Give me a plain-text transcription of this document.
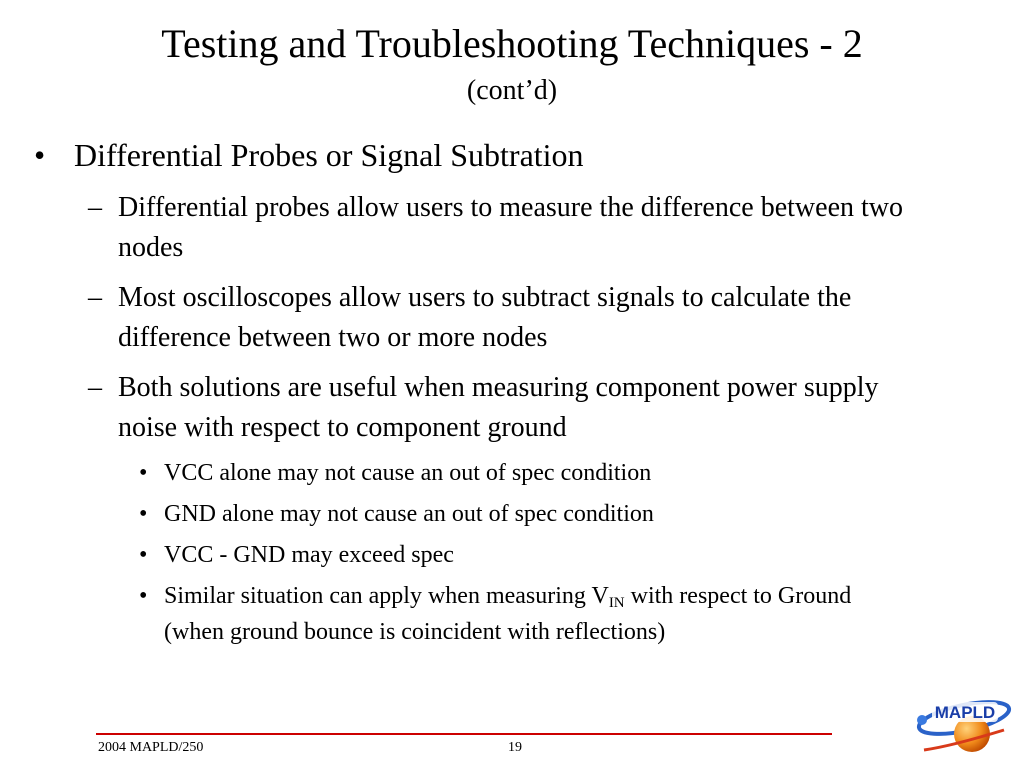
Testing and Troubleshooting Techniques - 2
(cont’d)
• Differential Probes or Signal Subtration
– Differential probes allow users to measure the difference between two nodes
– Most oscilloscopes allow users to subtract signals to calculate the difference between two or more nodes
– Both solutions are useful when measuring component power supply noise with respect to component ground
• VCC alone may not cause an out of spec condition
• GND alone may not cause an out of spec condition
• VCC - GND may exceed spec
• Similar situation can apply when measuring $V_{IN}$ with respect to Ground (when ground bounce is coincident with reflections)
2004 MAPLD/250	19
MAPLD
